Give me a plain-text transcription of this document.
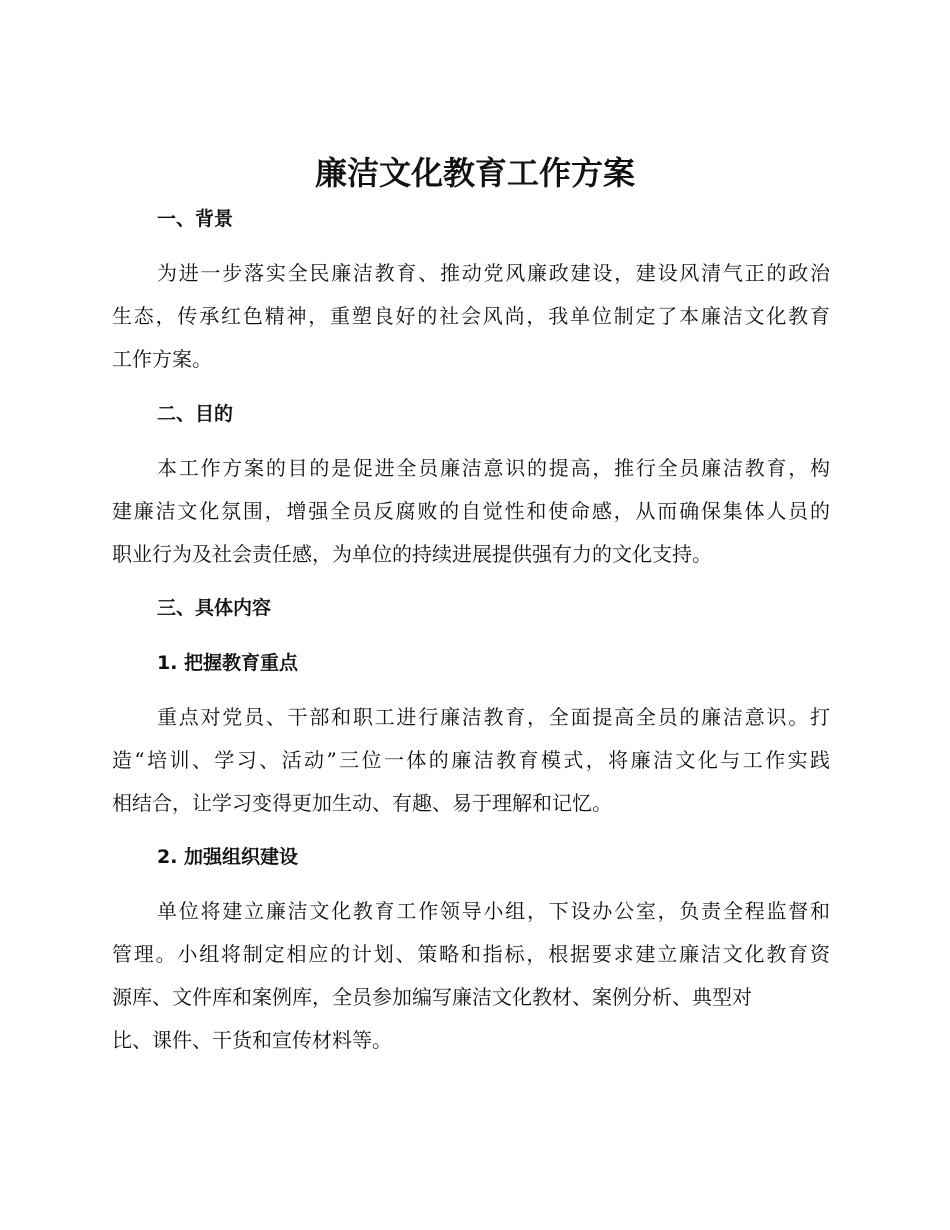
廉洁文化教育工作方案
一、背景
为进一步落实全民廉洁教育、推动党风廉政建设，建设风清气正的政治
生态，传承红色精神，重塑良好的社会风尚，我单位制定了本廉洁文化教育
工作方案。
二、目的
本工作方案的目的是促进全员廉洁意识的提高，推行全员廉洁教育，构
建廉洁文化氛围，增强全员反腐败的自觉性和使命感，从而确保集体人员的
职业行为及社会责任感，为单位的持续进展提供强有力的文化支持。
三、具体内容
1. 把握教育重点
重点对党员、干部和职工进行廉洁教育，全面提高全员的廉洁意识。打
造“培训、学习、活动”三位一体的廉洁教育模式，将廉洁文化与工作实践
相结合，让学习变得更加生动、有趣、易于理解和记忆。
2. 加强组织建设
单位将建立廉洁文化教育工作领导小组，下设办公室，负责全程监督和
管理。小组将制定相应的计划、策略和指标，根据要求建立廉洁文化教育资
源库、文件库和案例库，全员参加编写廉洁文化教材、案例分析、典型对
比、课件、干货和宣传材料等。
